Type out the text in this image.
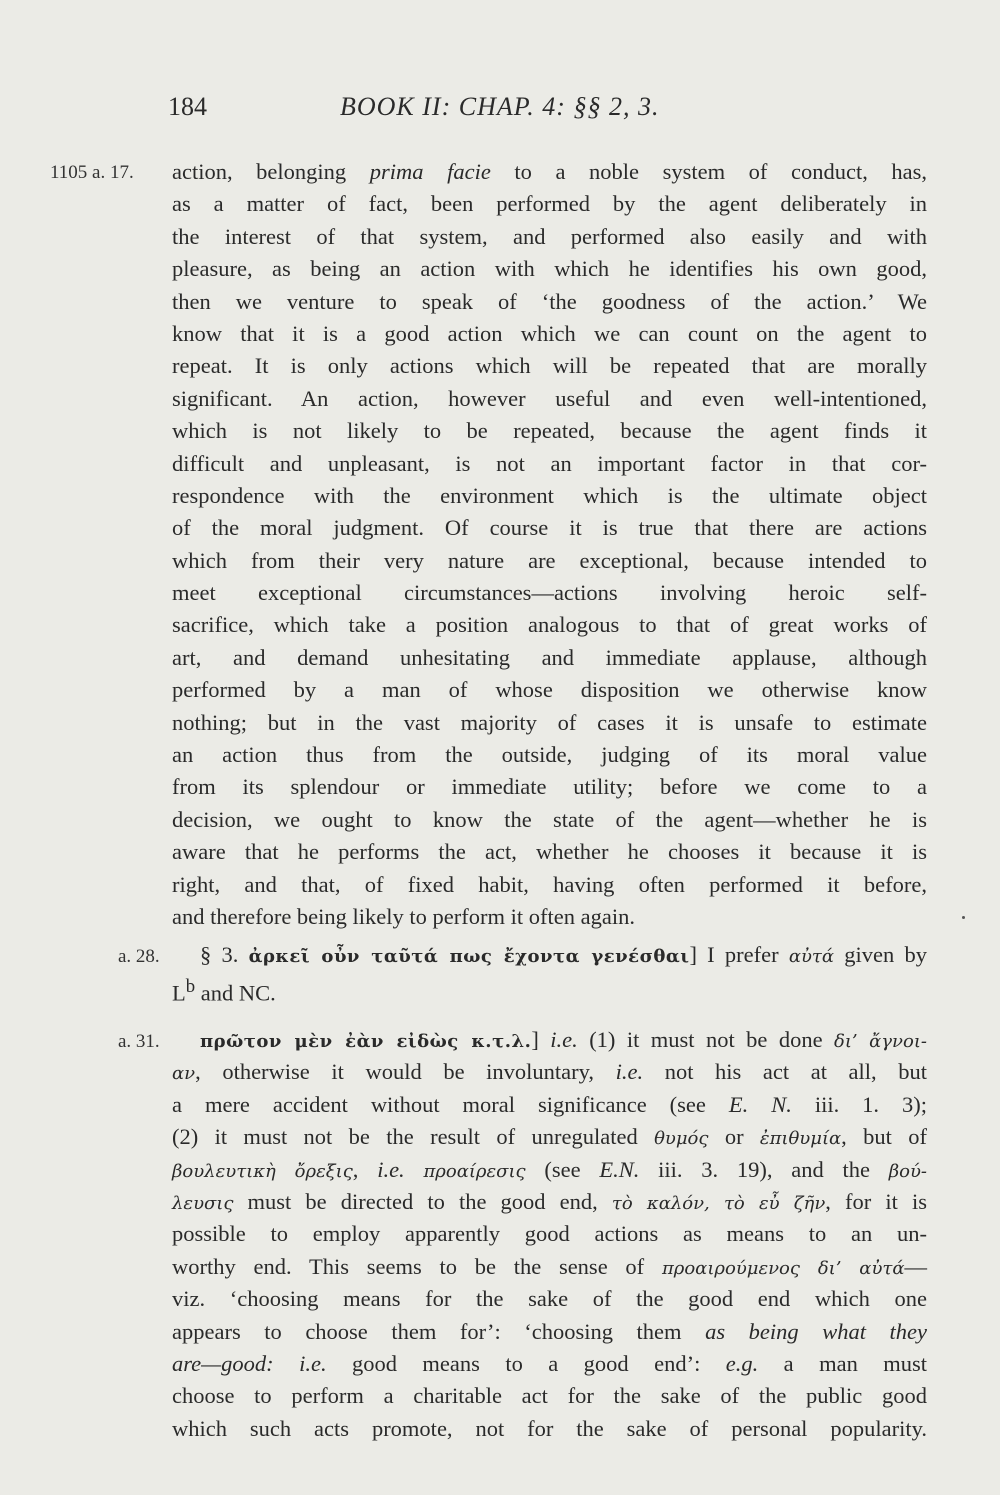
184	BOOK II: CHAP. 4: §§ 2, 3.
1105 a. 17. action, belonging prima facie to a noble system of conduct, has,
as a matter of fact, been performed by the agent deliberately in
the interest of that system, and performed also easily and with
pleasure, as being an action with which he identifies his own good,
then we venture to speak of ‘the goodness of the action.’ We
know that it is a good action which we can count on the agent to
repeat. It is only actions which will be repeated that are morally
significant. An action, however useful and even well-intentioned,
which is not likely to be repeated, because the agent finds it
difficult and unpleasant, is not an important factor in that cor-
respondence with the environment which is the ultimate object
of the moral judgment. Of course it is true that there are actions
which from their very nature are exceptional, because intended to
meet exceptional circumstances—actions involving heroic self-
sacrifice, which take a position analogous to that of great works of
art, and demand unhesitating and immediate applause, although
performed by a man of whose disposition we otherwise know
nothing; but in the vast majority of cases it is unsafe to estimate
an action thus from the outside, judging of its moral value
from its splendour or immediate utility; before we come to a
decision, we ought to know the state of the agent—whether he is
aware that he performs the act, whether he chooses it because it is
right, and that, of fixed habit, having often performed it before,
and therefore being likely to perform it often again.
a. 28.	§ 3. ἀρκεῖ οὖν ταῦτά πως ἔχοντα γενέσθαι] I prefer αὐτά given by
$L^b$ and NC.
a. 31.	πρῶτον μὲν ἐὰν εἰδὼς κ.τ.λ.] i.e. (1) it must not be done δι’ ἄγνοι-
αν, otherwise it would be involuntary, i.e. not his act at all, but
a mere accident without moral significance (see E. N. iii. 1. 3);
(2) it must not be the result of unregulated θυμός or ἐπιθυμία, but of
βουλευτικὴ ὄρεξις, i.e. προαίρεσις (see E.N. iii. 3. 19), and the βού-
λευσις must be directed to the good end, τὸ καλόν, τὸ εὖ ζῆν, for it is
possible to employ apparently good actions as means to an un-
worthy end. This seems to be the sense of προαιρούμενος δι’ αὐτά—
viz. ‘choosing means for the sake of the good end which one
appears to choose them for’: ‘choosing them as being what they
are—good: i.e. good means to a good end’: e.g. a man must
choose to perform a charitable act for the sake of the public good
which such acts promote, not for the sake of personal popularity.
